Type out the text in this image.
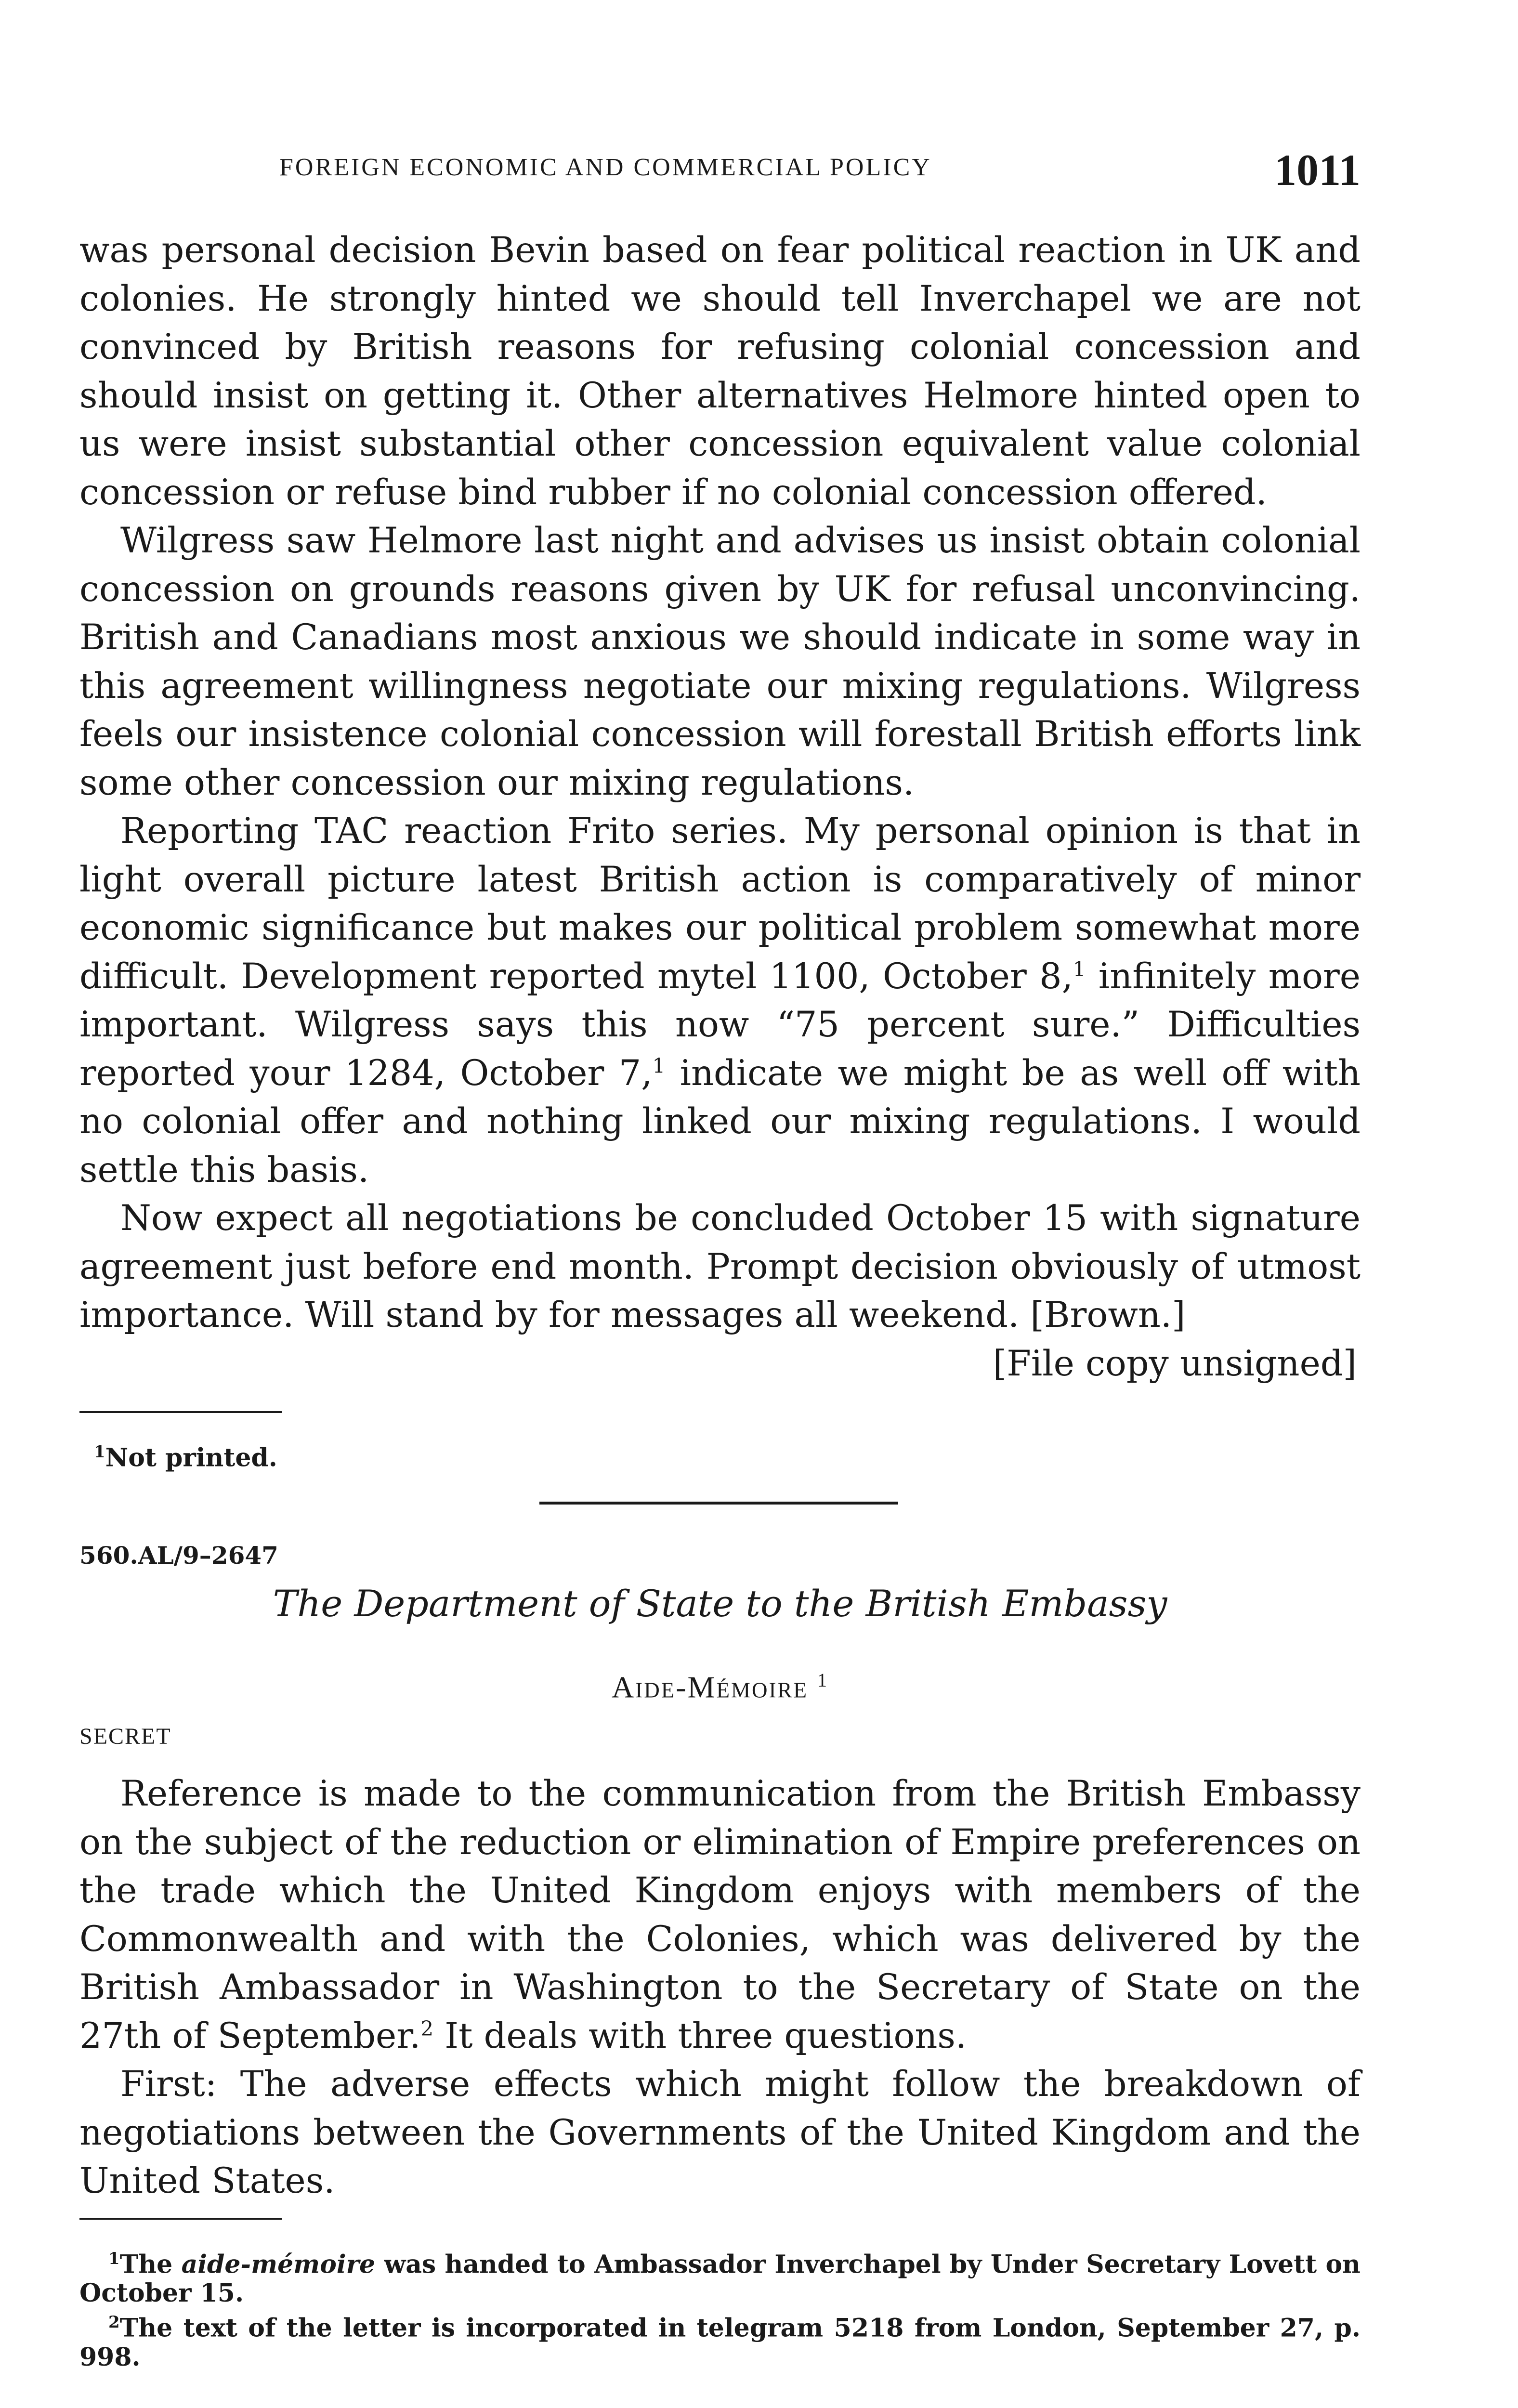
FOREIGN ECONOMIC AND COMMERCIAL POLICY	1011

was personal decision Bevin based on fear political reaction in UK and colonies. He strongly hinted we should tell Inverchapel we are not convinced by British reasons for refusing colonial concession and should insist on getting it. Other alternatives Helmore hinted open to us were insist substantial other concession equivalent value colonial concession or refuse bind rubber if no colonial concession offered.

Wilgress saw Helmore last night and advises us insist obtain colonial concession on grounds reasons given by UK for refusal unconvincing. British and Canadians most anxious we should indicate in some way in this agreement willingness negotiate our mixing regulations. Wilgress feels our insistence colonial concession will forestall British efforts link some other concession our mixing regulations.

Reporting TAC reaction Frito series. My personal opinion is that in light overall picture latest British action is comparatively of minor economic significance but makes our political problem somewhat more difficult. Development reported mytel 1100, October 8,$^1$ infinitely more important. Wilgress says this now “75 percent sure.” Difficulties reported your 1284, October 7,$^1$ indicate we might be as well off with no colonial offer and nothing linked our mixing regulations. I would settle this basis.

Now expect all negotiations be concluded October 15 with signature agreement just before end month. Prompt decision obviously of utmost importance. Will stand by for messages all weekend. [Brown.]

[File copy unsigned]

$^1$Not printed.
560.AL/9–2647
The Department of State to the British Embassy
Aide-Mémoire $^1$
SECRET

Reference is made to the communication from the British Embassy on the subject of the reduction or elimination of Empire preferences on the trade which the United Kingdom enjoys with members of the Commonwealth and with the Colonies, which was delivered by the British Ambassador in Washington to the Secretary of State on the 27th of September.$^2$ It deals with three questions.

First: The adverse effects which might follow the breakdown of negotiations between the Governments of the United Kingdom and the United States.

$^1$The aide-mémoire was handed to Ambassador Inverchapel by Under Secretary Lovett on October 15.

$^2$The text of the letter is incorporated in telegram 5218 from London, September 27, p. 998.
